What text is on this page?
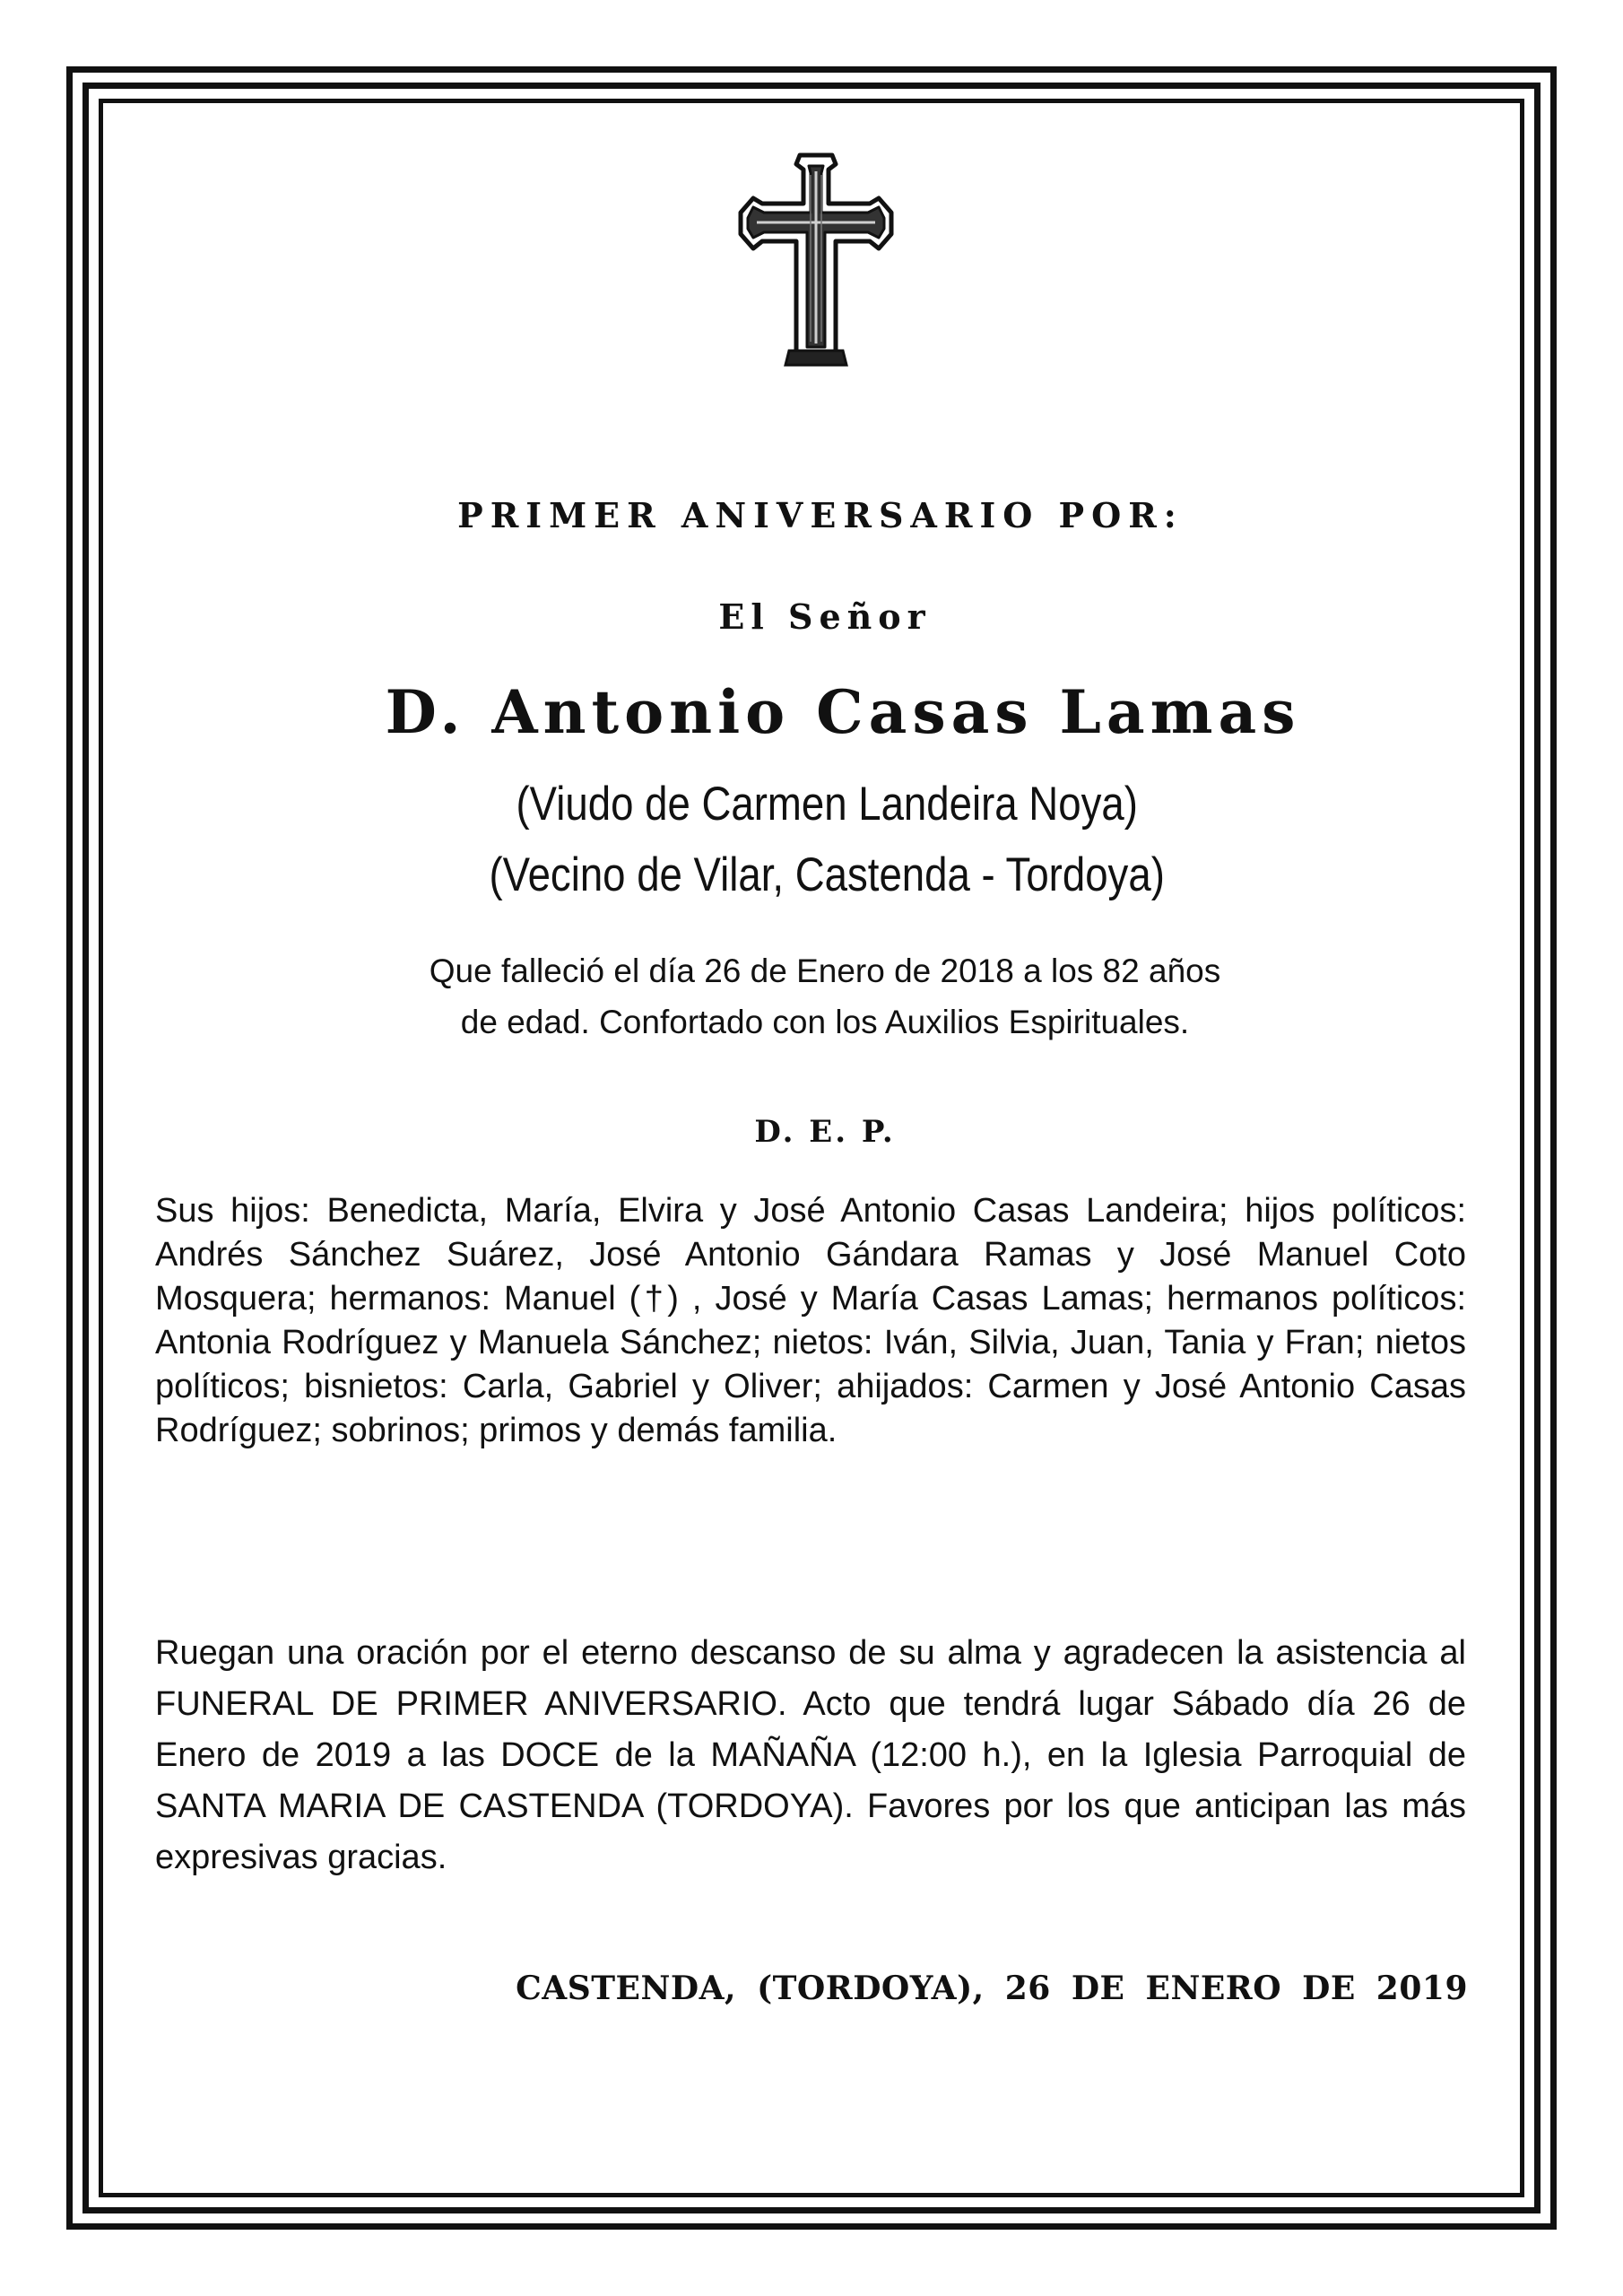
PRIMER ANIVERSARIO POR:
El Señor
D. Antonio Casas Lamas
(Viudo de Carmen Landeira Noya)
(Vecino de Vilar, Castenda - Tordoya)
Que falleció el día 26 de Enero de 2018 a los 82 años
de edad. Confortado con los Auxilios Espirituales.
D. E. P.
Sus hijos: Benedicta, María, Elvira y José Antonio Casas Landeira; hijos políticos: Andrés Sánchez Suárez, José Antonio Gándara Ramas y José Manuel Coto Mosquera; hermanos: Manuel (†) , José y María Casas Lamas; hermanos políticos: Antonia Rodríguez y Manuela Sánchez; nietos: Iván, Silvia, Juan, Tania y Fran; nietos políticos; bisnietos: Carla, Gabriel y Oliver; ahijados: Carmen y José Antonio Casas Rodríguez; sobrinos; primos y demás familia.
Ruegan una oración por el eterno descanso de su alma y agradecen la asistencia al FUNERAL DE PRIMER ANIVERSARIO. Acto que tendrá lugar Sábado día 26 de Enero de 2019 a las DOCE de la MAÑAÑA (12:00 h.), en la Iglesia Parroquial de SANTA MARIA DE CASTENDA (TORDOYA). Favores por los que anticipan las más expresivas gracias.
CASTENDA, (TORDOYA), 26 DE ENERO DE 2019
